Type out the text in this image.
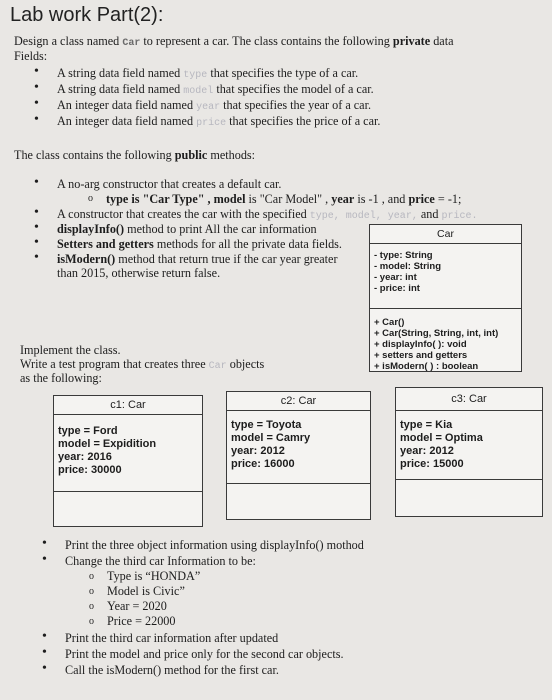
Lab work Part(2):
Design a class named Car to represent a car. The class contains the following private data
Fields:
• A string data field named type that specifies the type of a car.
• A string data field named model that specifies the model of a car.
• An integer data field named year that specifies the year of a car.
• An integer data field named price that specifies the price of a car.
The class contains the following public methods:
• A no-arg constructor that creates a default car.
o type is "Car Type" , model is "Car Model" , year is -1 , and price = -1;
• A constructor that creates the car with the specified type, model, year, and price.
• displayInfo() method to print All the car information
• Setters and getters methods for all the private data fields.
• isModern() method that return true if the car year greater
than 2015, otherwise return false.
Car
- type: String
- model: String
- year: int
- price: int
+ Car()
+ Car(String, String, int, int)
+ displayInfo( ): void
+ setters and getters
+ isModern( ) : boolean
Implement the class.
Write a test program that creates three Car objects
as the following:
c1: Car
type = Ford
model = Expidition
year: 2016
price: 30000
c2: Car
type = Toyota
model = Camry
year: 2012
price: 16000
c3: Car
type = Kia
model = Optima
year: 2012
price: 15000
• Print the three object information using displayInfo() mothod
• Change the third car Information to be:
o Type is “HONDA”
o Model is Civic”
o Year = 2020
o Price = 22000
• Print the third car information after updated
• Print the model and price only for the second car objects.
• Call the isModern() method for the first car.
